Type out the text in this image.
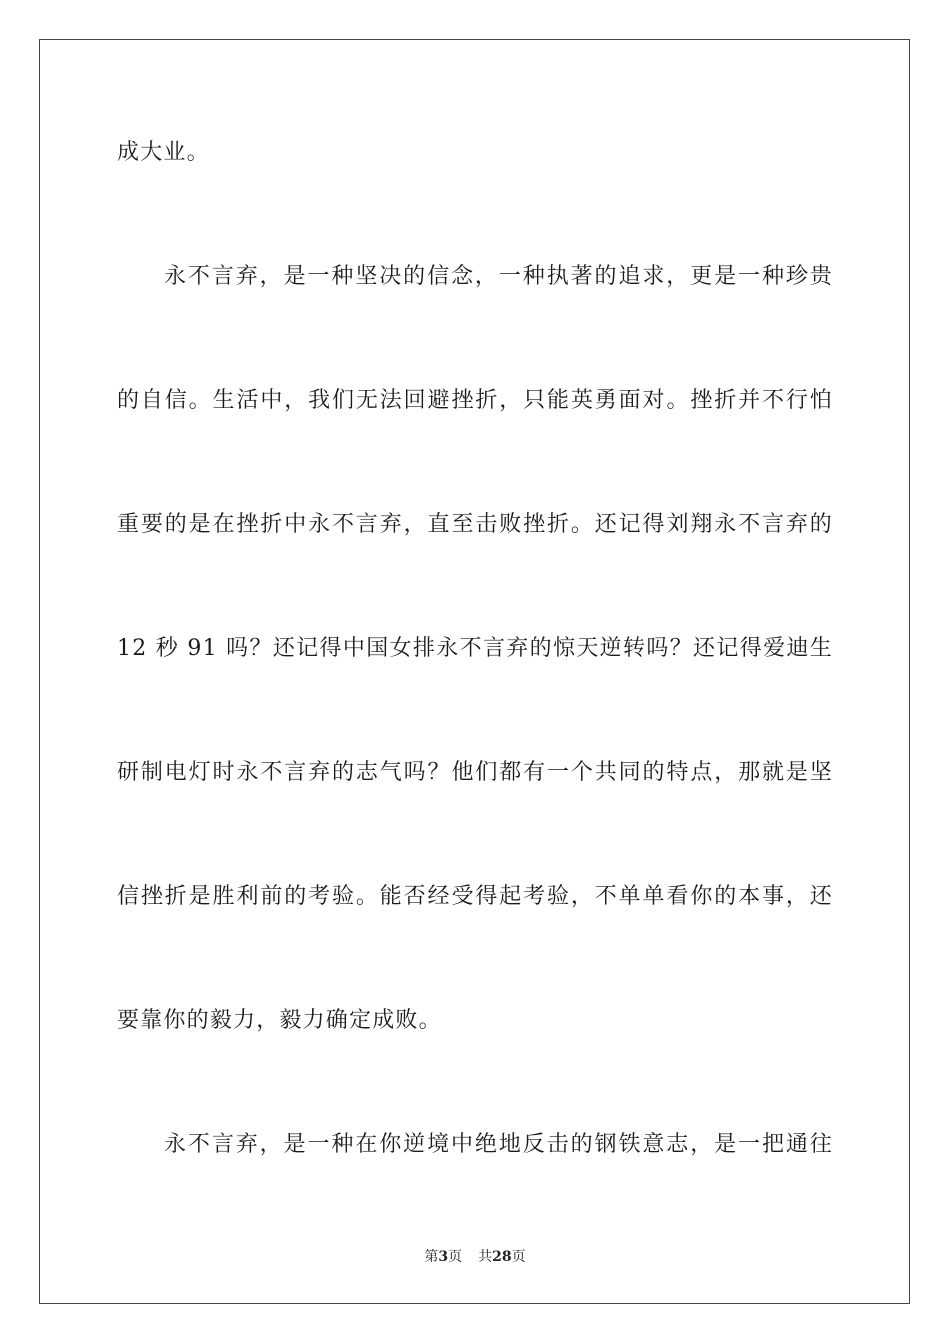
成大业。
永不言弃，是一种坚决的信念，一种执著的追求，更是一种珍贵
的自信。生活中，我们无法回避挫折，只能英勇面对。挫折并不行怕
重要的是在挫折中永不言弃，直至击败挫折。还记得刘翔永不言弃的
12 秒 91 吗？还记得中国女排永不言弃的惊天逆转吗？还记得爱迪生
研制电灯时永不言弃的志气吗？他们都有一个共同的特点，那就是坚
信挫折是胜利前的考验。能否经受得起考验，不单单看你的本事，还
要靠你的毅力，毅力确定成败。
永不言弃，是一种在你逆境中绝地反击的钢铁意志，是一把通往
第3页 共28页
